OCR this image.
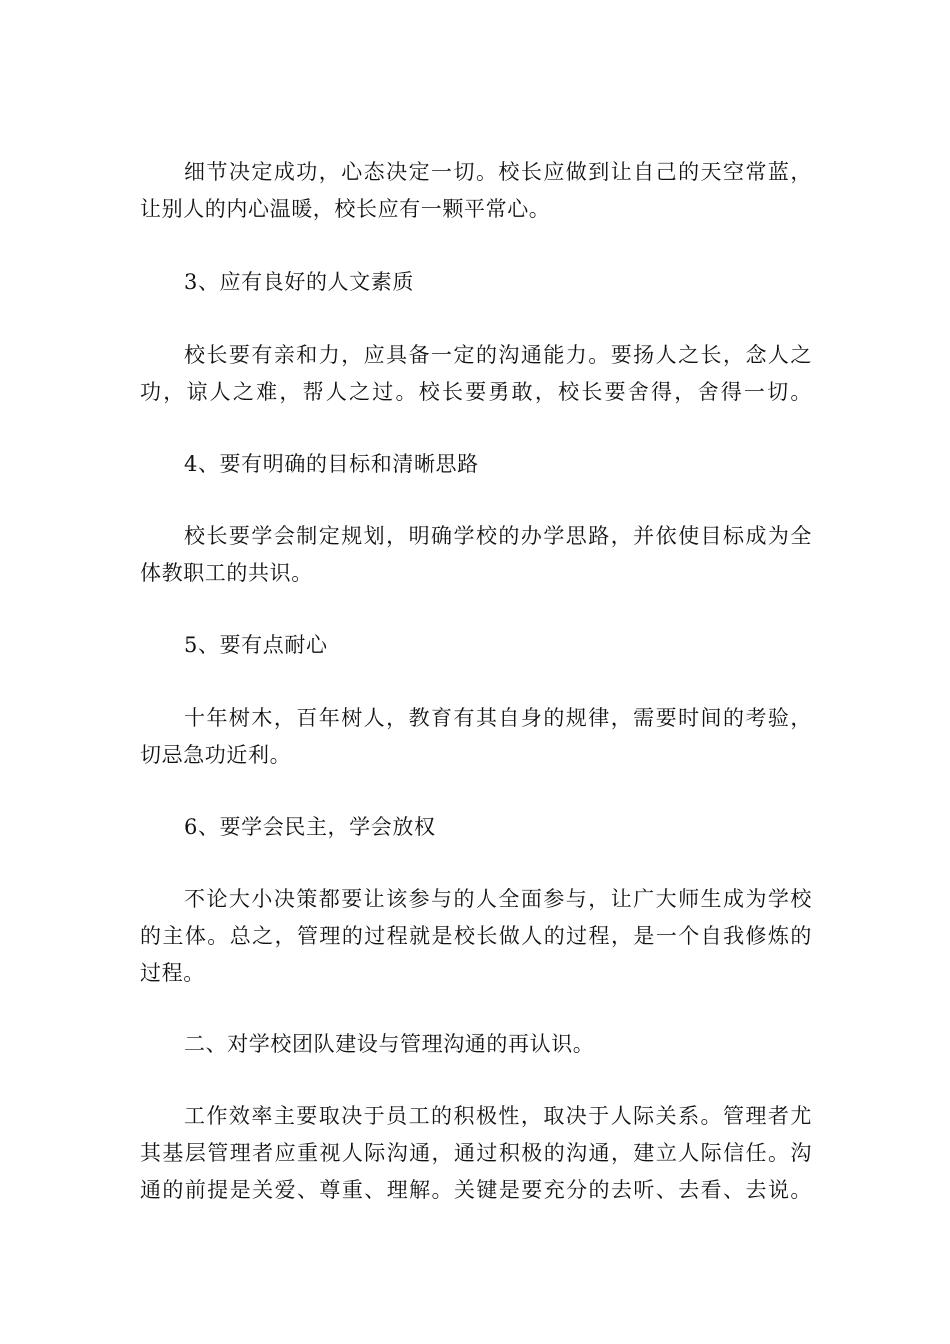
细节决定成功，心态决定一切。校长应做到让自己的天空常蓝，
让别人的内心温暖，校长应有一颗平常心。
3、应有良好的人文素质
校长要有亲和力，应具备一定的沟通能力。要扬人之长，念人之
功，谅人之难，帮人之过。校长要勇敢，校长要舍得，舍得一切。
4、要有明确的目标和清晰思路
校长要学会制定规划，明确学校的办学思路，并依使目标成为全
体教职工的共识。
5、要有点耐心
十年树木，百年树人，教育有其自身的规律，需要时间的考验，
切忌急功近利。
6、要学会民主，学会放权
不论大小决策都要让该参与的人全面参与，让广大师生成为学校
的主体。总之，管理的过程就是校长做人的过程，是一个自我修炼的
过程。
二、对学校团队建设与管理沟通的再认识。
工作效率主要取决于员工的积极性，取决于人际关系。管理者尤
其基层管理者应重视人际沟通，通过积极的沟通，建立人际信任。沟
通的前提是关爱、尊重、理解。关键是要充分的去听、去看、去说。
